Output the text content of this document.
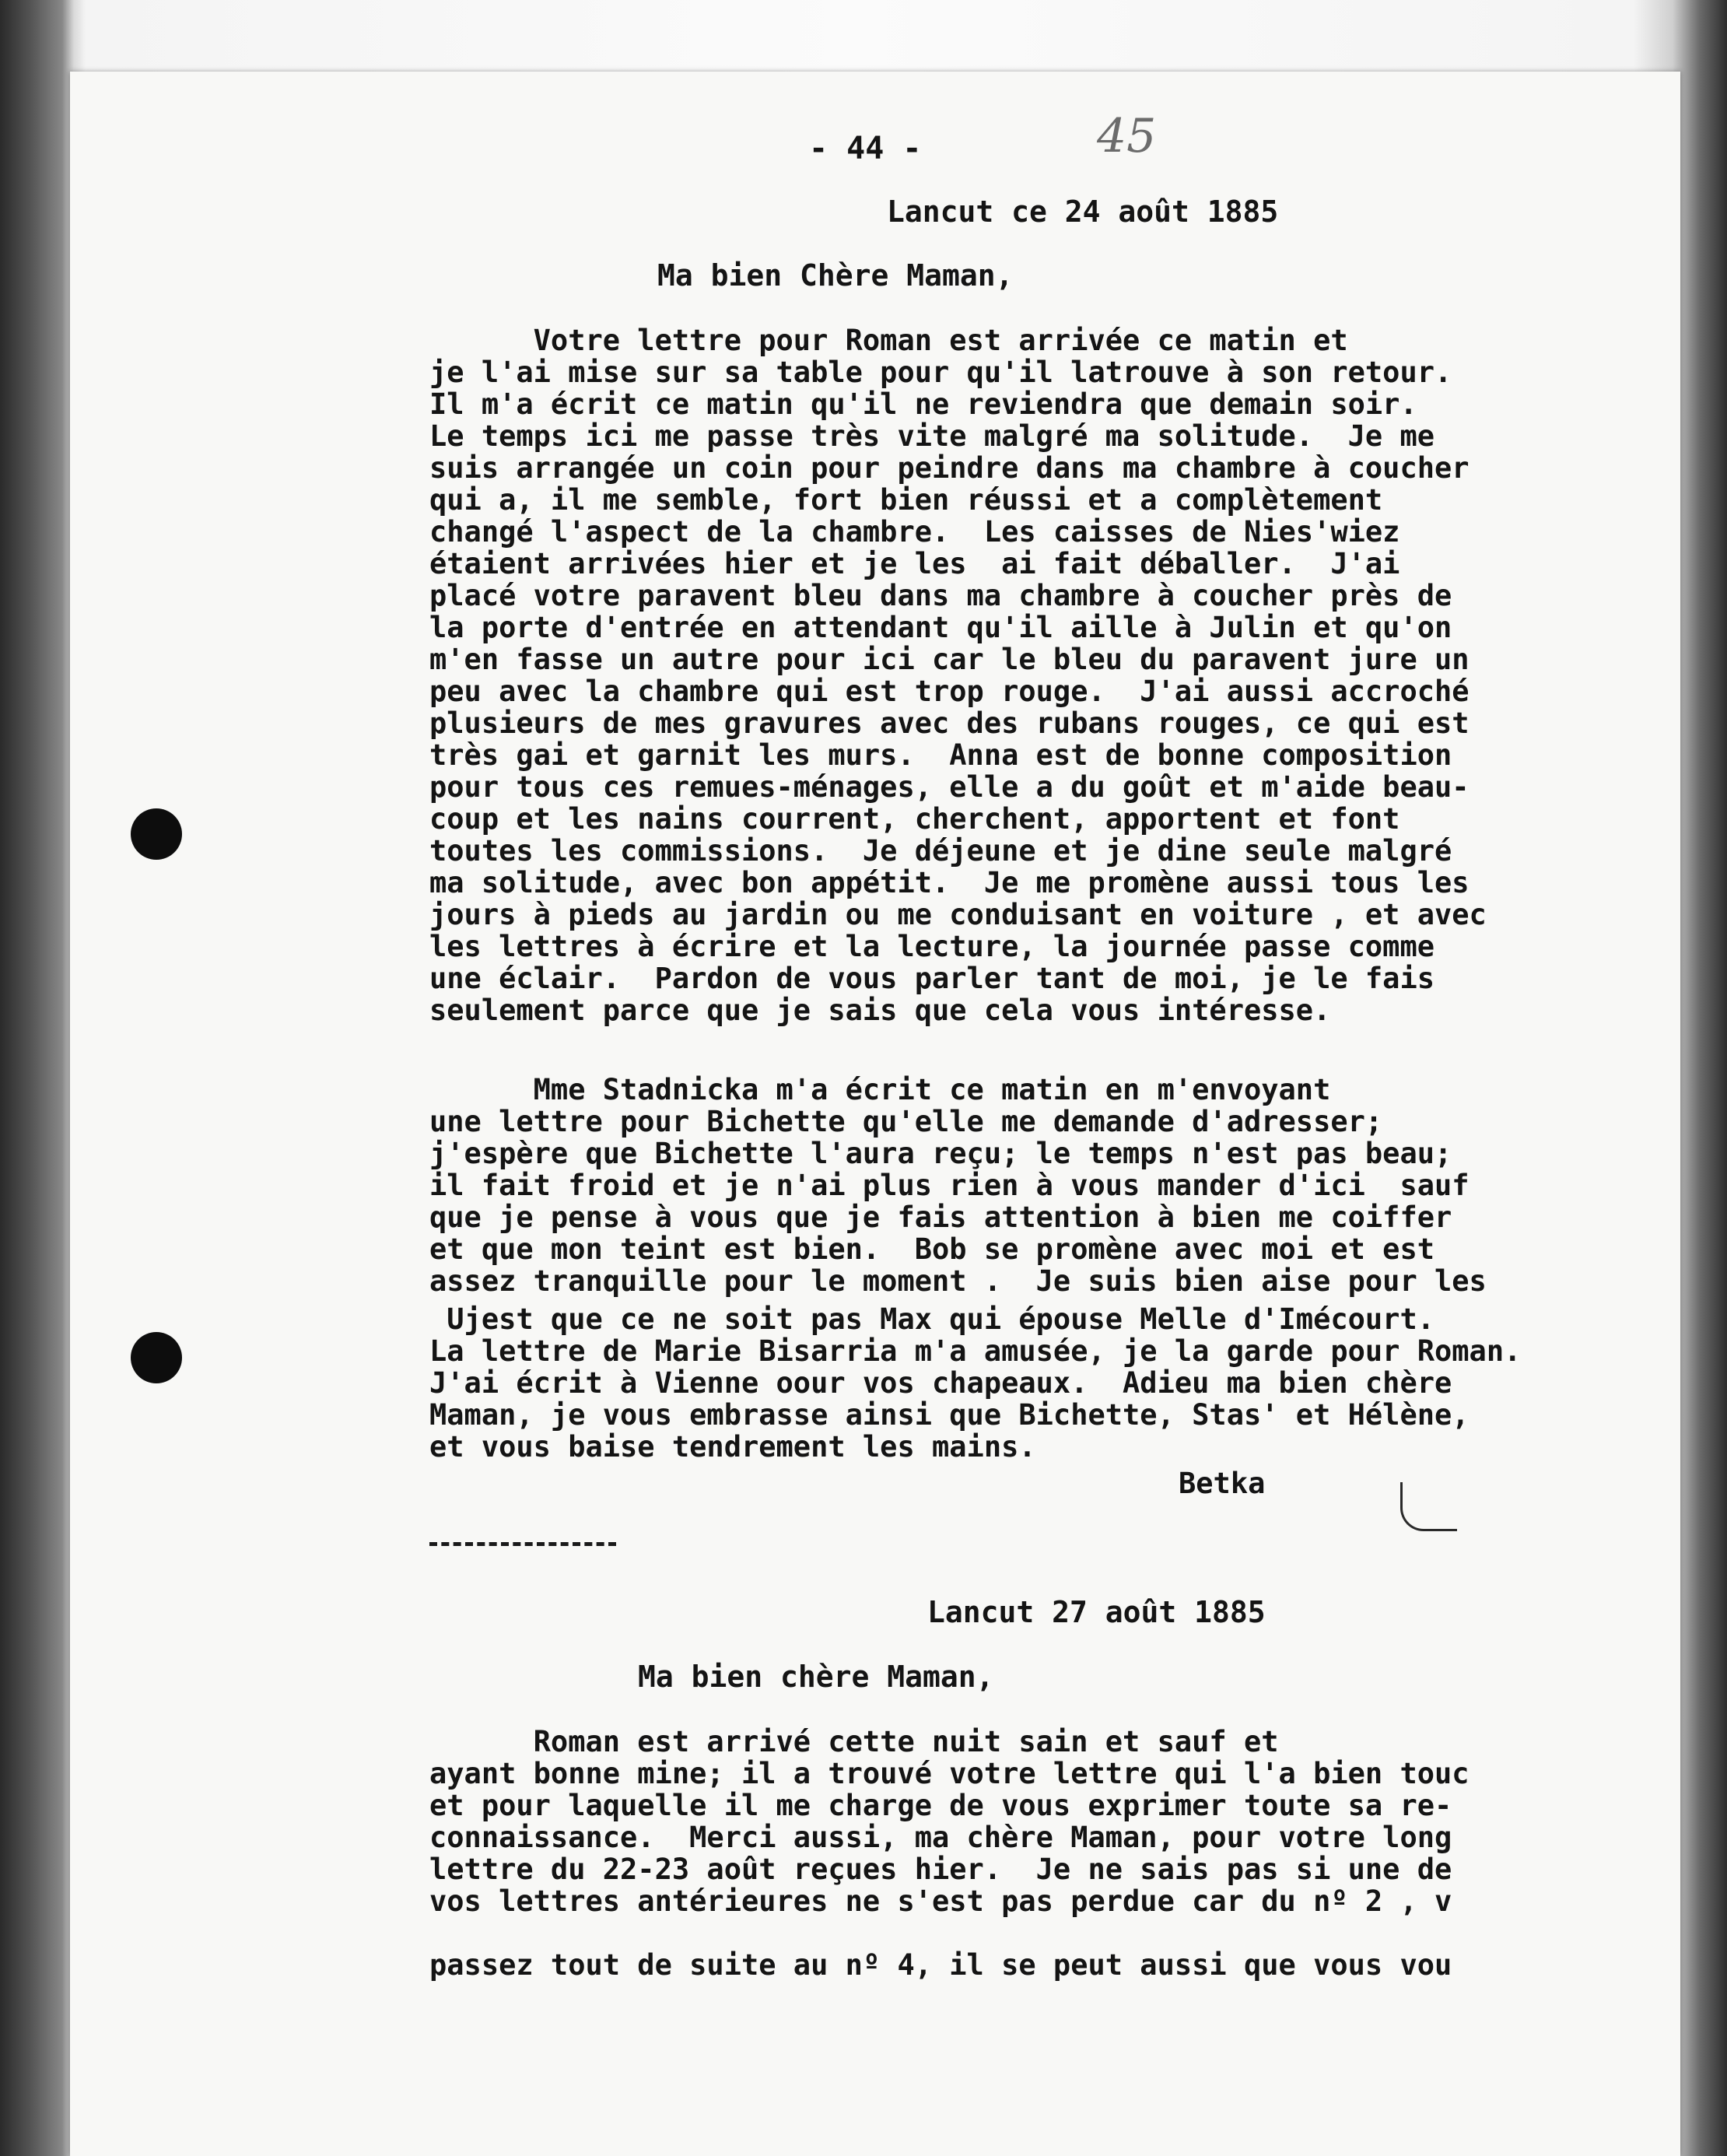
- 44 -	45
Lancut ce 24 août 1885
Ma bien Chère Maman,
Votre lettre pour Roman est arrivée ce matin et
je l'ai mise sur sa table pour qu'il latrouve à son retour.
Il m'a écrit ce matin qu'il ne reviendra que demain soir.
Le temps ici me passe très vite malgré ma solitude.  Je me
suis arrangée un coin pour peindre dans ma chambre à coucher
qui a, il me semble, fort bien réussi et a complètement
changé l'aspect de la chambre.  Les caisses de Nies'wiez
étaient arrivées hier et je les  ai fait déballer.  J'ai
placé votre paravent bleu dans ma chambre à coucher près de
la porte d'entrée en attendant qu'il aille à Julin et qu'on
m'en fasse un autre pour ici car le bleu du paravent jure un
peu avec la chambre qui est trop rouge.  J'ai aussi accroché
plusieurs de mes gravures avec des rubans rouges, ce qui est
très gai et garnit les murs.  Anna est de bonne composition
pour tous ces remues-ménages, elle a du goût et m'aide beau-
coup et les nains courrent, cherchent, apportent et font
toutes les commissions.  Je déjeune et je dine seule malgré
ma solitude, avec bon appétit.  Je me promène aussi tous les
jours à pieds au jardin ou me conduisant en voiture , et avec
les lettres à écrire et la lecture, la journée passe comme
une éclair.  Pardon de vous parler tant de moi, je le fais
seulement parce que je sais que cela vous intéresse.
Mme Stadnicka m'a écrit ce matin en m'envoyant
une lettre pour Bichette qu'elle me demande d'adresser;
j'espère que Bichette l'aura reçu; le temps n'est pas beau;
il fait froid et je n'ai plus rien à vous mander d'ici  sauf
que je pense à vous que je fais attention à bien me coiffer
et que mon teint est bien.  Bob se promène avec moi et est
assez tranquille pour le moment .  Je suis bien aise pour les
Ujest que ce ne soit pas Max qui épouse Melle d'Imécourt.
La lettre de Marie Bisarria m'a amusée, je la garde pour Roman.
J'ai écrit à Vienne oour vos chapeaux.  Adieu ma bien chère
Maman, je vous embrasse ainsi que Bichette, Stas' et Hélène,
et vous baise tendrement les mains.
Betka
Lancut 27 août 1885
Ma bien chère Maman,
Roman est arrivé cette nuit sain et sauf et
ayant bonne mine; il a trouvé votre lettre qui l'a bien touc
et pour laquelle il me charge de vous exprimer toute sa re-
connaissance.  Merci aussi, ma chère Maman, pour votre long
lettre du 22-23 août reçues hier.  Je ne sais pas si une de
vos lettres antérieures ne s'est pas perdue car du nº 2 , v
passez tout de suite au nº 4, il se peut aussi que vous vou
